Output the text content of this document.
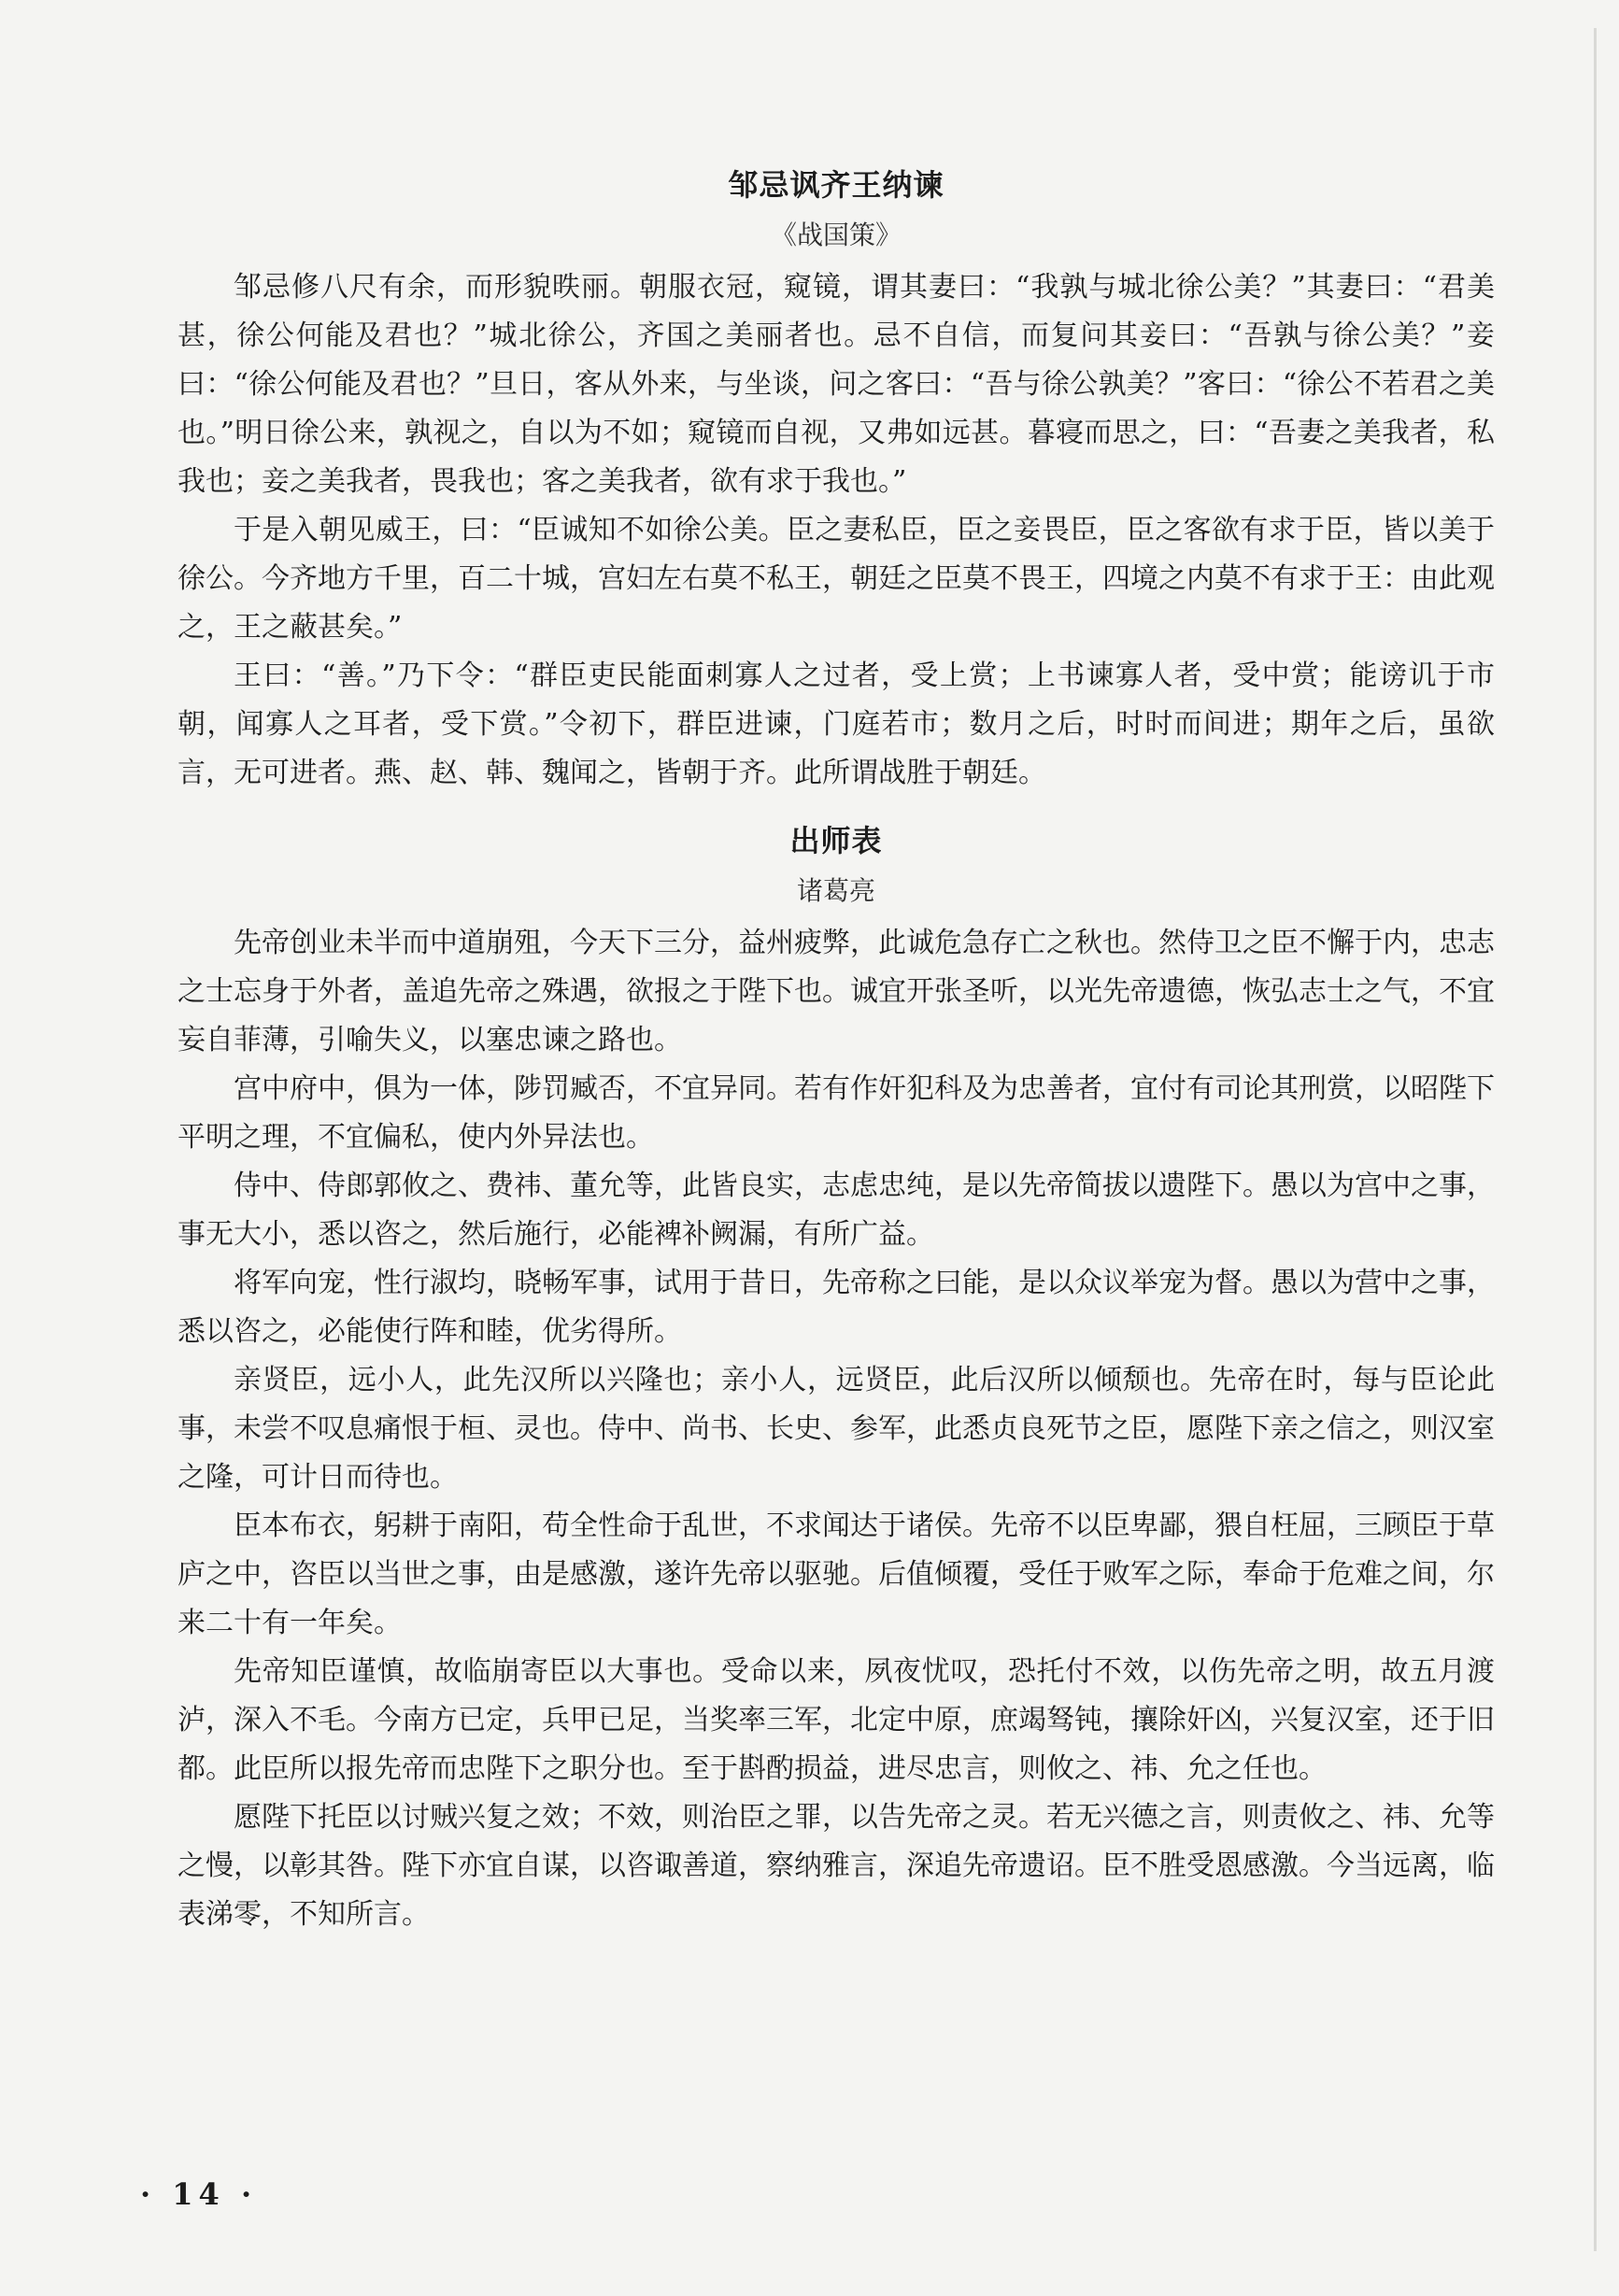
邹忌讽齐王纳谏
《战国策》

邹忌修八尺有余，而形貌昳丽。朝服衣冠，窥镜，谓其妻曰：“我孰与城北徐公美？”其妻曰：“君美甚，徐公何能及君也？”城北徐公，齐国之美丽者也。忌不自信，而复问其妾曰：“吾孰与徐公美？”妾曰：“徐公何能及君也？”旦日，客从外来，与坐谈，问之客曰：“吾与徐公孰美？”客曰：“徐公不若君之美也。”明日徐公来，孰视之，自以为不如；窥镜而自视，又弗如远甚。暮寝而思之，曰：“吾妻之美我者，私我也；妾之美我者，畏我也；客之美我者，欲有求于我也。”

于是入朝见威王，曰：“臣诚知不如徐公美。臣之妻私臣，臣之妾畏臣，臣之客欲有求于臣，皆以美于徐公。今齐地方千里，百二十城，宫妇左右莫不私王，朝廷之臣莫不畏王，四境之内莫不有求于王：由此观之，王之蔽甚矣。”

王曰：“善。”乃下令：“群臣吏民能面刺寡人之过者，受上赏；上书谏寡人者，受中赏；能谤讥于市朝，闻寡人之耳者，受下赏。”令初下，群臣进谏，门庭若市；数月之后，时时而间进；期年之后，虽欲言，无可进者。燕、赵、韩、魏闻之，皆朝于齐。此所谓战胜于朝廷。

出师表
诸葛亮

先帝创业未半而中道崩殂，今天下三分，益州疲弊，此诚危急存亡之秋也。然侍卫之臣不懈于内，忠志之士忘身于外者，盖追先帝之殊遇，欲报之于陛下也。诚宜开张圣听，以光先帝遗德，恢弘志士之气，不宜妄自菲薄，引喻失义，以塞忠谏之路也。

宫中府中，俱为一体，陟罚臧否，不宜异同。若有作奸犯科及为忠善者，宜付有司论其刑赏，以昭陛下平明之理，不宜偏私，使内外异法也。

侍中、侍郎郭攸之、费祎、董允等，此皆良实，志虑忠纯，是以先帝简拔以遗陛下。愚以为宫中之事，事无大小，悉以咨之，然后施行，必能裨补阙漏，有所广益。

将军向宠，性行淑均，晓畅军事，试用于昔日，先帝称之曰能，是以众议举宠为督。愚以为营中之事，悉以咨之，必能使行阵和睦，优劣得所。

亲贤臣，远小人，此先汉所以兴隆也；亲小人，远贤臣，此后汉所以倾颓也。先帝在时，每与臣论此事，未尝不叹息痛恨于桓、灵也。侍中、尚书、长史、参军，此悉贞良死节之臣，愿陛下亲之信之，则汉室之隆，可计日而待也。

臣本布衣，躬耕于南阳，苟全性命于乱世，不求闻达于诸侯。先帝不以臣卑鄙，猥自枉屈，三顾臣于草庐之中，咨臣以当世之事，由是感激，遂许先帝以驱驰。后值倾覆，受任于败军之际，奉命于危难之间，尔来二十有一年矣。

先帝知臣谨慎，故临崩寄臣以大事也。受命以来，夙夜忧叹，恐托付不效，以伤先帝之明，故五月渡泸，深入不毛。今南方已定，兵甲已足，当奖率三军，北定中原，庶竭驽钝，攘除奸凶，兴复汉室，还于旧都。此臣所以报先帝而忠陛下之职分也。至于斟酌损益，进尽忠言，则攸之、祎、允之任也。

愿陛下托臣以讨贼兴复之效；不效，则治臣之罪，以告先帝之灵。若无兴德之言，则责攸之、祎、允等之慢，以彰其咎。陛下亦宜自谋，以咨诹善道，察纳雅言，深追先帝遗诏。臣不胜受恩感激。今当远离，临表涕零，不知所言。

· 14 ·
